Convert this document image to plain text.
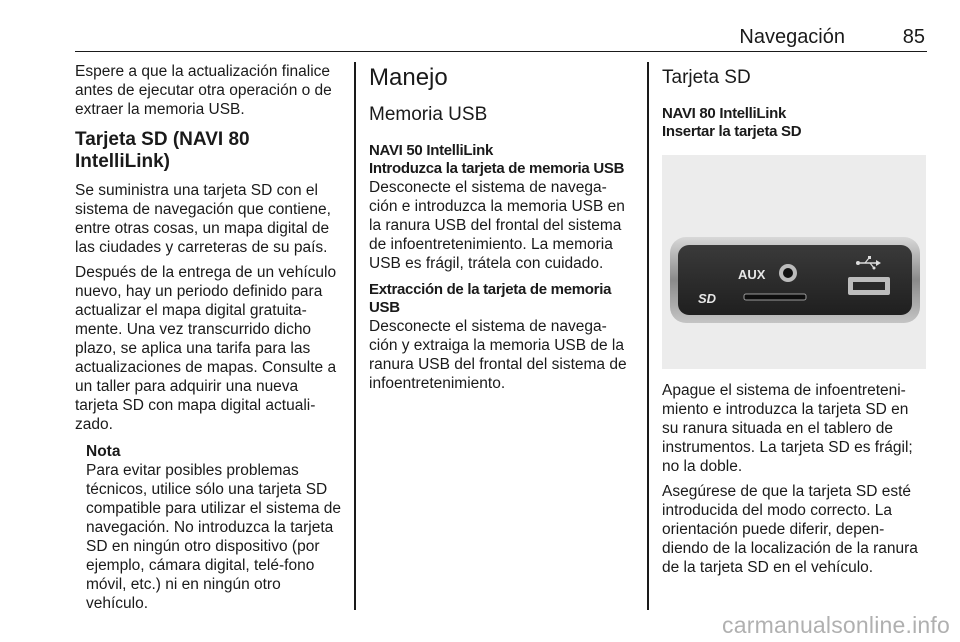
Navegación	85

Espere a que la actualización finalice antes de ejecutar otra operación o de extraer la memoria USB.

Tarjeta SD (NAVI 80 IntelliLink)

Se suministra una tarjeta SD con el sistema de navegación que contiene, entre otras cosas, un mapa digital de las ciudades y carreteras de su país.

Después de la entrega de un vehículo nuevo, hay un periodo definido para actualizar el mapa digital gratuita-mente. Una vez transcurrido dicho plazo, se aplica una tarifa para las actualizaciones de mapas. Consulte a un taller para adquirir una nueva tarjeta SD con mapa digital actuali-zado.

Nota

Para evitar posibles problemas técnicos, utilice sólo una tarjeta SD compatible para utilizar el sistema de navegación. No introduzca la tarjeta SD en ningún otro dispositivo (por ejemplo, cámara digital, telé-fono móvil, etc.) ni en ningún otro vehículo.

Manejo
Memoria USB
NAVI 50 IntelliLink
Introduzca la tarjeta de memoria USB

Desconecte el sistema de navega-ción e introduzca la memoria USB en la ranura USB del frontal del sistema de infoentretenimiento. La memoria USB es frágil, trátela con cuidado.

Extracción de la tarjeta de memoria USB

Desconecte el sistema de navega-ción y extraiga la memoria USB de la ranura USB del frontal del sistema de infoentretenimiento.

Tarjeta SD
NAVI 80 IntelliLink
Insertar la tarjeta SD
AUX
SD

Apague el sistema de infoentreteni-miento e introduzca la tarjeta SD en su ranura situada en el tablero de instrumentos. La tarjeta SD es frágil; no la doble.

Asegúrese de que la tarjeta SD esté introducida del modo correcto. La orientación puede diferir, depen-diendo de la localización de la ranura de la tarjeta SD en el vehículo.

carmanualsonline.info
